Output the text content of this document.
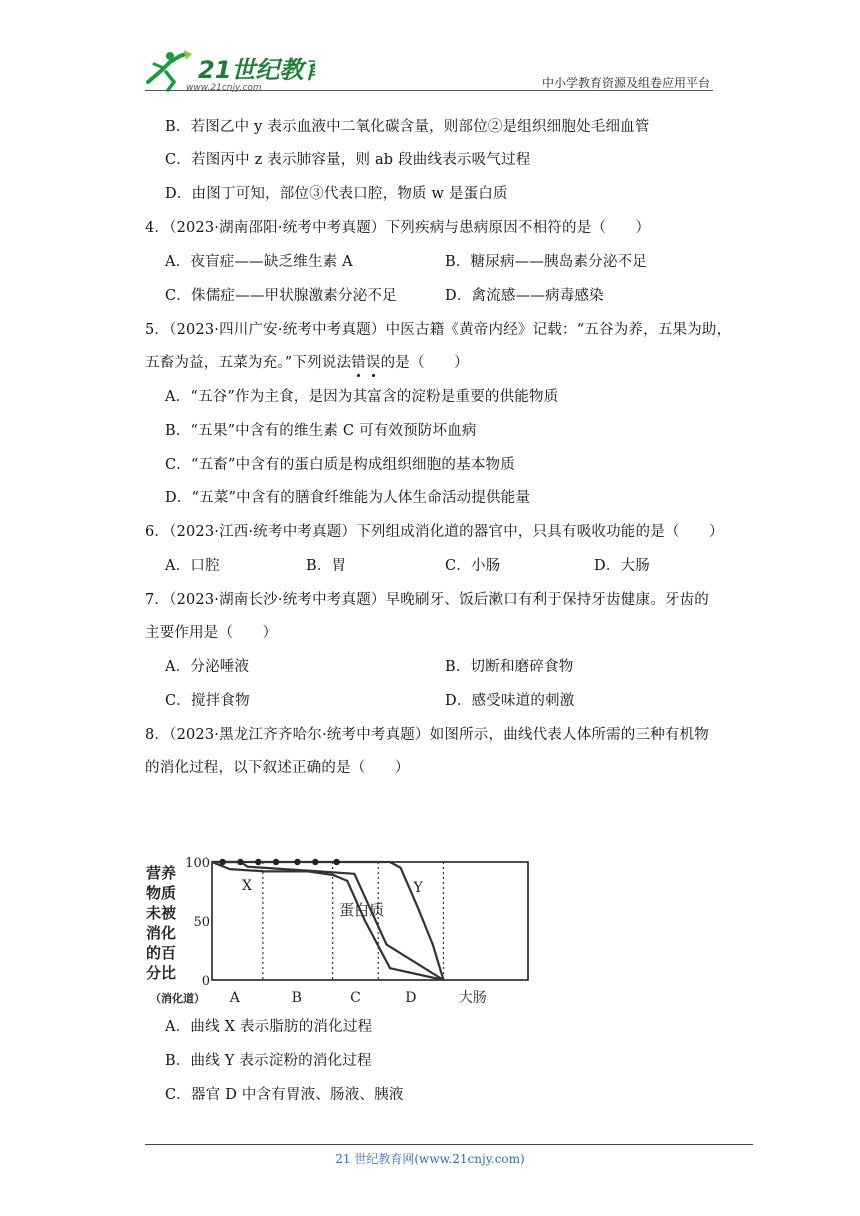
21世纪教育
www.21cnjy.com	中小学教育资源及组卷应用平台
B．若图乙中 y 表示血液中二氧化碳含量，则部位②是组织细胞处毛细血管
C．若图丙中 z 表示肺容量，则 ab 段曲线表示吸气过程
D．由图丁可知，部位③代表口腔，物质 w 是蛋白质
4．（2023·湖南邵阳·统考中考真题）下列疾病与患病原因不相符的是（　　）
A．夜盲症——缺乏维生素 A	B．糖尿病——胰岛素分泌不足
C．侏儒症——甲状腺激素分泌不足	D．禽流感——病毒感染
5．（2023·四川广安·统考中考真题）中医古籍《黄帝内经》记载：“五谷为养，五果为助，
五畜为益，五菜为充。”下列说法错误的是（　　）
A．“五谷”作为主食，是因为其富含的淀粉是重要的供能物质
B．“五果”中含有的维生素 C 可有效预防坏血病
C．“五畜”中含有的蛋白质是构成组织细胞的基本物质
D．“五菜”中含有的膳食纤维能为人体生命活动提供能量
6．（2023·江西·统考中考真题）下列组成消化道的器官中，只具有吸收功能的是（　　）
A．口腔	B．胃	C．小肠	D．大肠
7．（2023·湖南长沙·统考中考真题）早晚刷牙、饭后漱口有利于保持牙齿健康。牙齿的
主要作用是（　　）
A．分泌唾液	B．切断和磨碎食物
C．搅拌食物	D．感受味道的刺激
8．（2023·黑龙江齐齐哈尔·统考中考真题）如图所示，曲线代表人体所需的三种有机物
的消化过程，以下叙述正确的是（　　）
营养
物质
未被
消化
的百
分比
100
50
0
（消化道） A	B	C	D	大肠
X	Y
蛋白质
A．曲线 X 表示脂肪的消化过程
B．曲线 Y 表示淀粉的消化过程
C．器官 D 中含有胃液、肠液、胰液
21 世纪教育网(www.21cnjy.com)
